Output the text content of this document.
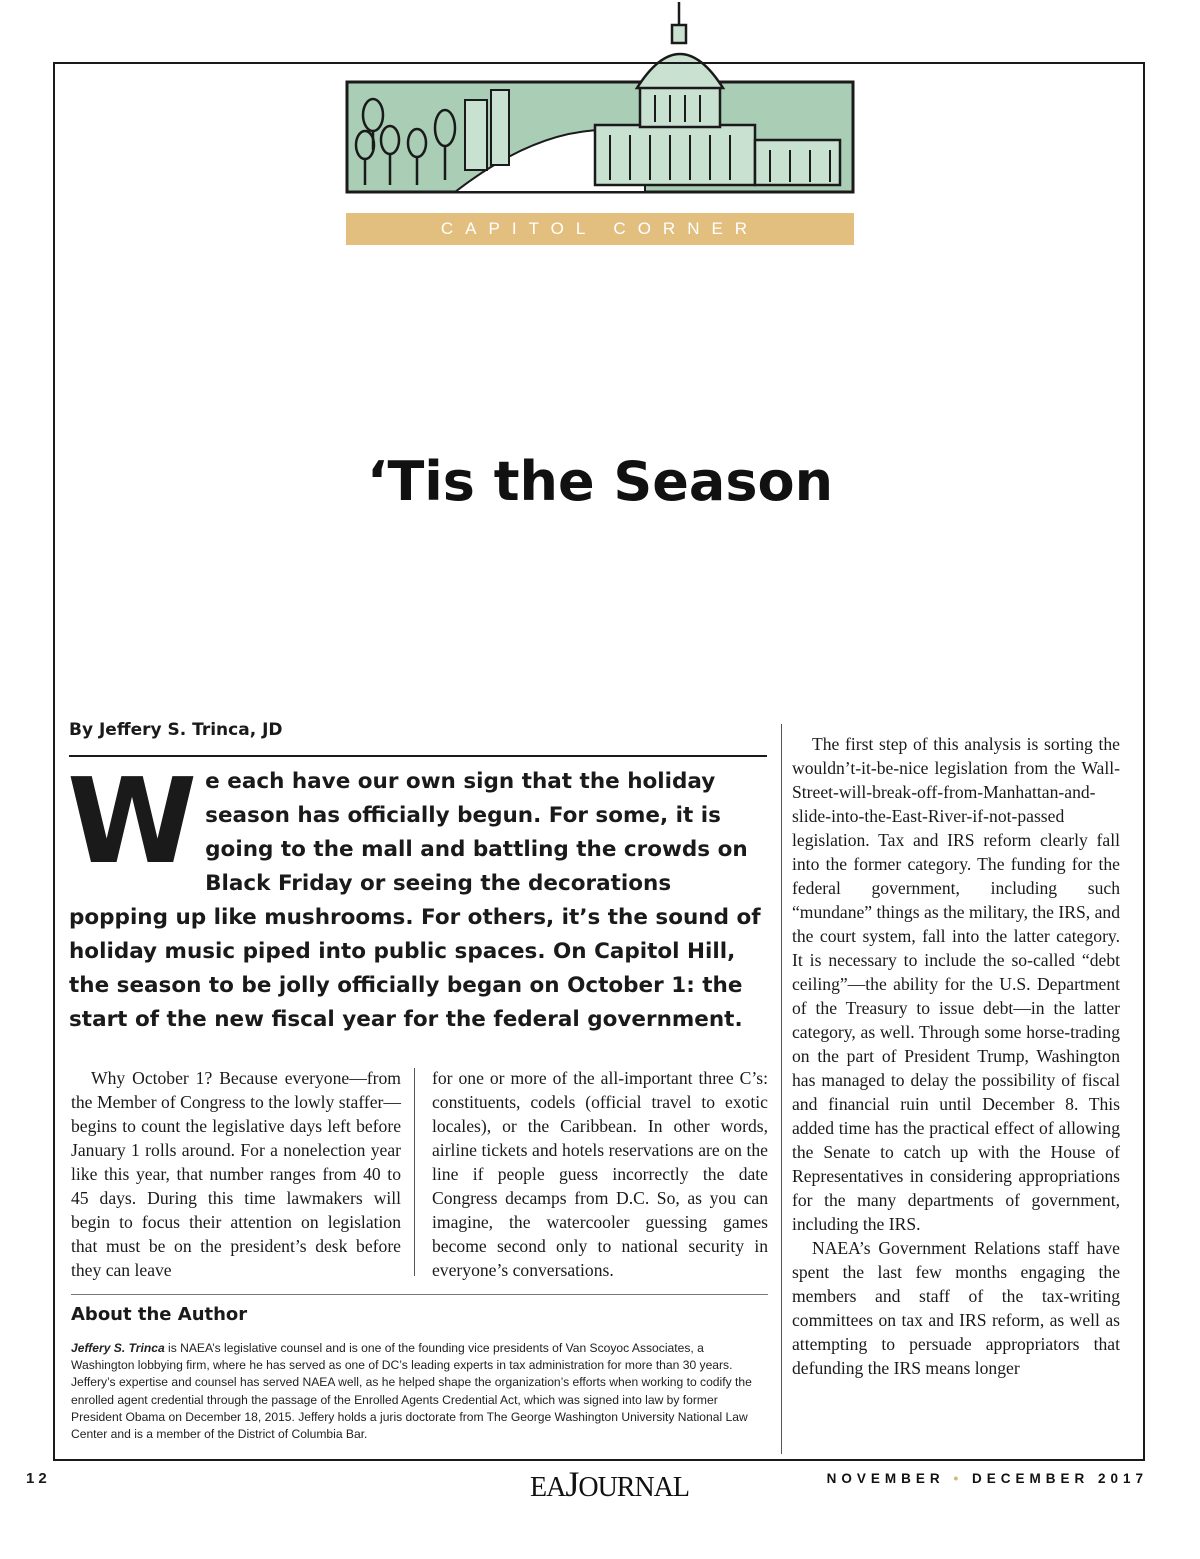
CAPITOL CORNER
‘Tis the Season
By Jeffery S. Trinca, JD
We each have our own sign that the holiday season has officially begun. For some, it is going to the mall and battling the crowds on Black Friday or seeing the decorations popping up like mushrooms. For others, it’s the sound of holiday music piped into public spaces. On Capitol Hill, the season to be jolly officially began on October 1: the start of the new fiscal year for the federal government.

Why October 1? Because everyone—from the Member of Congress to the lowly staffer—begins to count the legislative days left before January 1 rolls around. For a nonelection year like this year, that number ranges from 40 to 45 days. During this time lawmakers will begin to focus their attention on legislation that must be on the president’s desk before they can leave

for one or more of the all-important three C’s: constituents, codels (official travel to exotic locales), or the Caribbean. In other words, airline tickets and hotels reservations are on the line if people guess incorrectly the date Congress decamps from D.C. So, as you can imagine, the watercooler guessing games become second only to national security in everyone’s conversations.

The first step of this analysis is sorting the wouldn’t-it-be-nice legislation from the Wall-Street-will-break-off-from-Manhattan-and-slide-into-the-East-River-if-not-passed legislation. Tax and IRS reform clearly fall into the former category. The funding for the federal government, including such “mundane” things as the military, the IRS, and the court system, fall into the latter category. It is necessary to include the so-called “debt ceiling”—the ability for the U.S. Department of the Treasury to issue debt—in the latter category, as well. Through some horse-trading on the part of President Trump, Washington has managed to delay the possibility of fiscal and financial ruin until December 8. This added time has the practical effect of allowing the Senate to catch up with the House of Representatives in considering appropriations for the many departments of government, including the IRS.

NAEA’s Government Relations staff have spent the last few months engaging the members and staff of the tax-writing committees on tax and IRS reform, as well as attempting to persuade appropriators that defunding the IRS means longer

About the Author
Jeffery S. Trinca is NAEA’s legislative counsel and is one of the founding vice presidents of Van Scoyoc Associates, a Washington lobbying firm, where he has served as one of DC’s leading experts in tax administration for more than 30 years. Jeffery’s expertise and counsel has served NAEA well, as he helped shape the organization’s efforts when working to codify the enrolled agent credential through the passage of the Enrolled Agents Credential Act, which was signed into law by former President Obama on December 18, 2015. Jeffery holds a juris doctorate from The George Washington University National Law Center and is a member of the District of Columbia Bar.
12	EAJOURNAL	NOVEMBER • DECEMBER 2017
